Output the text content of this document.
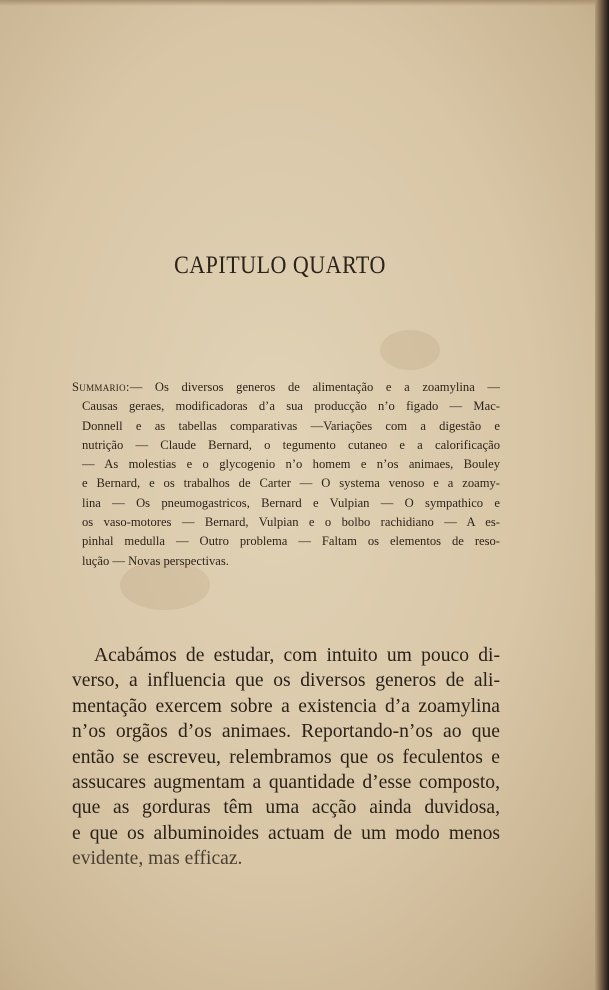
CAPITULO QUARTO
Summario:— Os diversos generos de alimentação e a zoamylina —
Causas geraes, modificadoras d’a sua producção n’o figado — Mac-
Donnell e as tabellas comparativas —Variações com a digestão e
nutrição — Claude Bernard, o tegumento cutaneo e a calorificação
— As molestias e o glycogenio n’o homem e n’os animaes, Bouley
e Bernard, e os trabalhos de Carter — O systema venoso e a zoamy-
lina — Os pneumogastricos, Bernard e Vulpian — O sympathico e
os vaso-motores — Bernard, Vulpian e o bolbo rachidiano — A es-
pinhal medulla — Outro problema — Faltam os elementos de reso-
lução — Novas perspectivas.
Acabámos de estudar, com intuito um pouco di-
verso, a influencia que os diversos generos de ali-
mentação exercem sobre a existencia d’a zoamylina
n’os orgãos d’os animaes. Reportando-n’os ao que
então se escreveu, relembramos que os feculentos e
assucares augmentam a quantidade d’esse composto,
que as gorduras têm uma acção ainda duvidosa,
e que os albuminoides actuam de um modo menos
evidente, mas efficaz.
